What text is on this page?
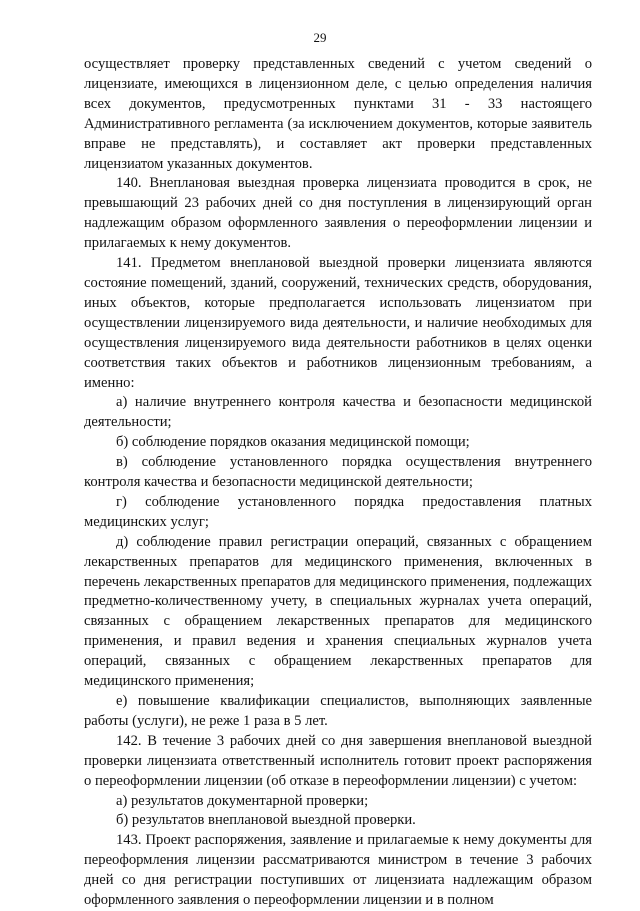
29

осуществляет проверку представленных сведений с учетом сведений о лицензиате, имеющихся в лицензионном деле, с целью определения наличия всех документов, предусмотренных пунктами 31 - 33 настоящего Административного регламента (за исключением документов, которые заявитель вправе не представлять), и составляет акт проверки представленных лицензиатом указанных документов.

140. Внеплановая выездная проверка лицензиата проводится в срок, не превышающий 23 рабочих дней со дня поступления в лицензирующий орган надлежащим образом оформленного заявления о переоформлении лицензии и прилагаемых к нему документов.

141. Предметом внеплановой выездной проверки лицензиата являются состояние помещений, зданий, сооружений, технических средств, оборудования, иных объектов, которые предполагается использовать лицензиатом при осуществлении лицензируемого вида деятельности, и наличие необходимых для осуществления лицензируемого вида деятельности работников в целях оценки соответствия таких объектов и работников лицензионным требованиям, а именно:

а) наличие внутреннего контроля качества и безопасности медицинской деятельности;

б) соблюдение порядков оказания медицинской помощи;

в) соблюдение установленного порядка осуществления внутреннего контроля качества и безопасности медицинской деятельности;

г) соблюдение установленного порядка предоставления платных медицинских услуг;

д) соблюдение правил регистрации операций, связанных с обращением лекарственных препаратов для медицинского применения, включенных в перечень лекарственных препаратов для медицинского применения, подлежащих предметно-количественному учету, в специальных журналах учета операций, связанных с обращением лекарственных препаратов для медицинского применения, и правил ведения и хранения специальных журналов учета операций, связанных с обращением лекарственных препаратов для медицинского применения;

е) повышение квалификации специалистов, выполняющих заявленные работы (услуги), не реже 1 раза в 5 лет.

142. В течение 3 рабочих дней со дня завершения внеплановой выездной проверки лицензиата ответственный исполнитель готовит проект распоряжения о переоформлении лицензии (об отказе в переоформлении лицензии) с учетом:

а) результатов документарной проверки;

б) результатов внеплановой выездной проверки.

143. Проект распоряжения, заявление и прилагаемые к нему документы для переоформления лицензии рассматриваются министром в течение 3 рабочих дней со дня регистрации поступивших от лицензиата надлежащим образом оформленного заявления о переоформлении лицензии и в полном
